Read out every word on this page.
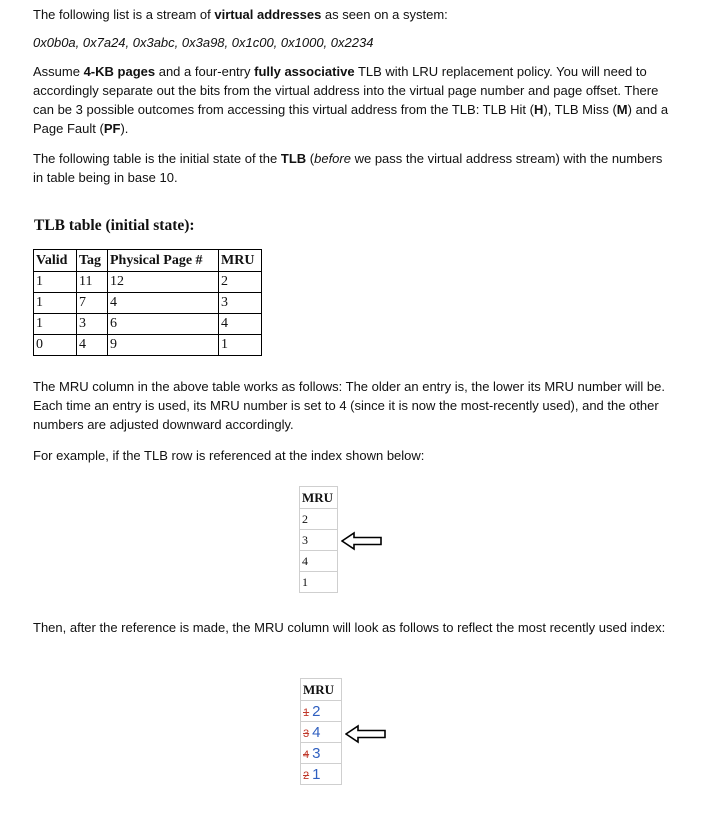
The following list is a stream of virtual addresses as seen on a system:

0x0b0a, 0x7a24, 0x3abc, 0x3a98, 0x1c00, 0x1000, 0x2234

Assume 4-KB pages and a four-entry fully associative TLB with LRU replacement policy. You will need to accordingly separate out the bits from the virtual address into the virtual page number and page offset. There can be 3 possible outcomes from accessing this virtual address from the TLB: TLB Hit (H), TLB Miss (M) and a Page Fault (PF).

The following table is the initial state of the TLB (before we pass the virtual address stream) with the numbers in table being in base 10.

TLB table (initial state):
Valid	Tag	Physical Page #	MRU
1	11	12	2
1	7	4	3
1	3	6	4
0	4	9	1

The MRU column in the above table works as follows: The older an entry is, the lower its MRU number will be. Each time an entry is used, its MRU number is set to 4 (since it is now the most-recently used), and the other numbers are adjusted downward accordingly.

For example, if the TLB row is referenced at the index shown below:

MRU
2
3
4
1

Then, after the reference is made, the MRU column will look as follows to reflect the most recently used index:

MRU
1 2
3 4
4 3
2 1
